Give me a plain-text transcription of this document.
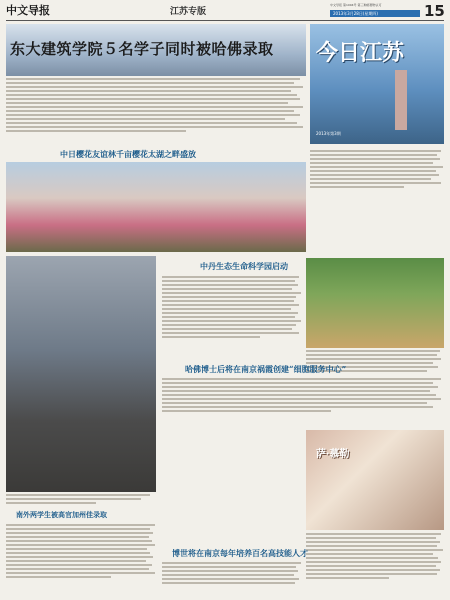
中文导报	江苏专版
中文导报 第1004号 第三种邮便物认可
2013年3月28日(星期四)	15
东大建筑学院５名学子同时被哈佛录取 今日江苏
2013年第3期
中日樱花友谊林千亩樱花太湖之畔盛放
中丹生态生命科学园启动
哈佛博士后将在南京祸霞创建“细胞服务中心”
萨·慕勒
博世将在南京每年培养百名高技能人才
南外两学生被高官加州佳录取
